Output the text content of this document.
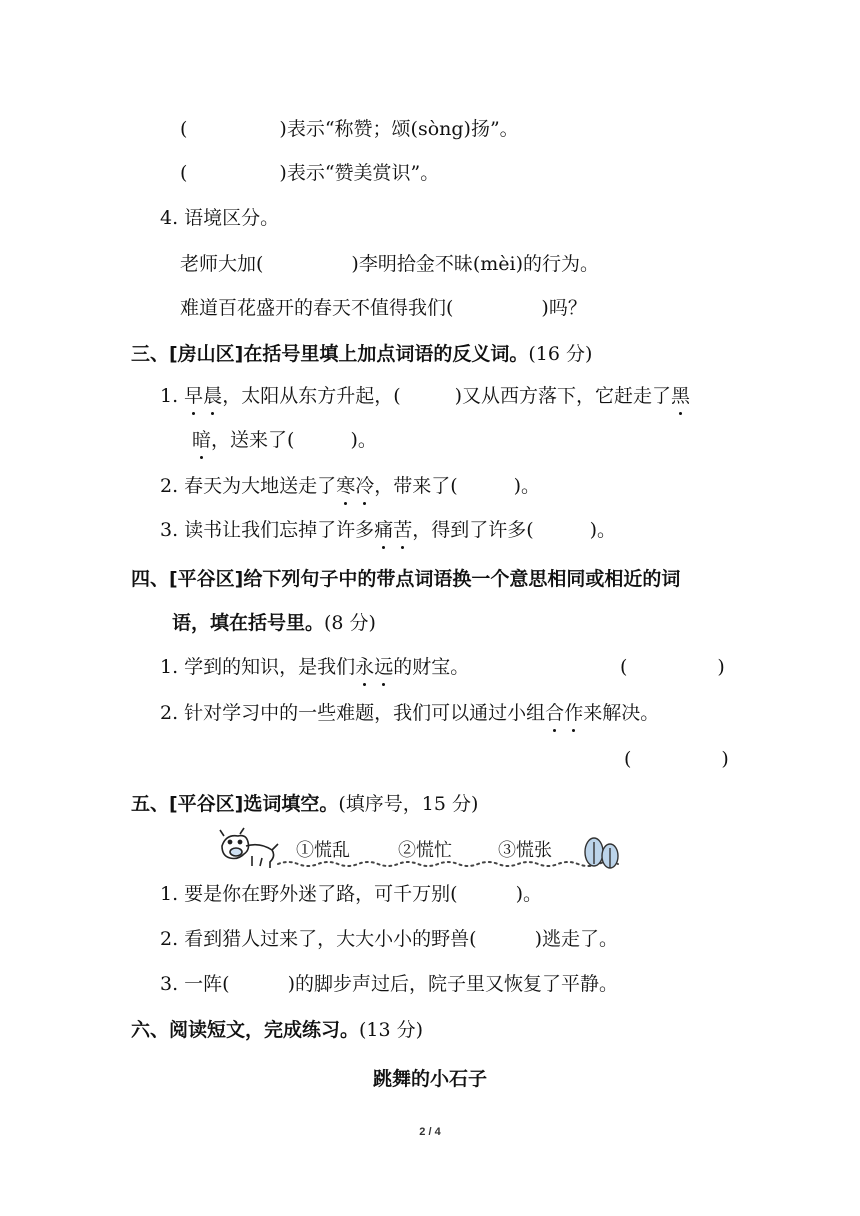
(	)表示“称赞；颂(sòng)扬”。
(	)表示“赞美赏识”。
4. 语境区分。
老师大加(	)李明拾金不昧(mèi)的行为。
难道百花盛开的春天不值得我们(	)吗？
三、[房山区]在括号里填上加点词语的反义词。(16 分)
1. 早晨，太阳从东方升起，(	)又从西方落下，它赶走了黑
暗，送来了(	)。
2. 春天为大地送走了寒冷，带来了(	)。
3. 读书让我们忘掉了许多痛苦，得到了许多(	)。
四、[平谷区]给下列句子中的带点词语换一个意思相同或相近的词
语，填在括号里。(8 分)
1. 学到的知识，是我们永远的财宝。	(	)
2. 针对学习中的一些难题，我们可以通过小组合作来解决。
(	)
五、[平谷区]选词填空。(填序号，15 分)
①慌乱	②慌忙	③慌张
1. 要是你在野外迷了路，可千万别(	)。
2. 看到猎人过来了，大大小小的野兽(	)逃走了。
3. 一阵(	)的脚步声过后，院子里又恢复了平静。
六、阅读短文，完成练习。(13 分)
跳舞的小石子
2 / 4
